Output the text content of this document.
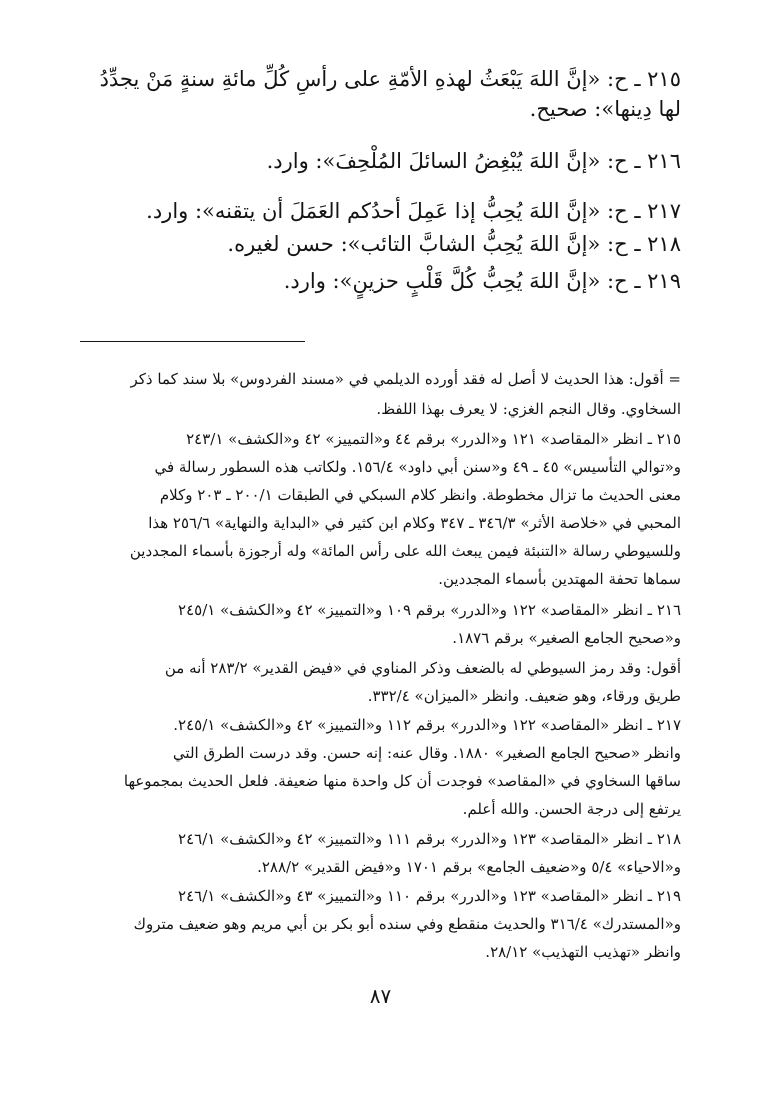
٢١٥ ـ ح: «إنَّ اللهَ يَبْعَثُ لهذهِ الأمّةِ على رأسِ كُلِّ مائةِ سنةٍ مَنْ يجدِّدُ لها دِينها»: صحيح.

٢١٦ ـ ح: «إنَّ اللهَ يُبْغِضُ السائلَ المُلْحِفَ»: وارد.

٢١٧ ـ ح: «إنَّ اللهَ يُحِبُّ إذا عَمِلَ أحدُكم العَمَلَ أن يتقنه»: وارد.

٢١٨ ـ ح: «إنَّ اللهَ يُحِبُّ الشابَّ التائب»: حسن لغيره.

٢١٩ ـ ح: «إنَّ اللهَ يُحِبُّ كُلَّ قَلْبٍ حزينٍ»: وارد.

= أقول: هذا الحديث لا أصل له فقد أورده الديلمي في «مسند الفردوس» بلا سند كما ذكر
السخاوي. وقال النجم الغزي: لا يعرف بهذا اللفظ.
٢١٥ ـ انظر «المقاصد» ١٢١ و«الدرر» برقم ٤٤ و«التمييز» ٤٢ و«الكشف» ٢٤٣/١
و«توالي التأسيس» ٤٥ ـ ٤٩ و«سنن أبي داود» ١٥٦/٤. ولكاتب هذه السطور رسالة في
معنى الحديث ما تزال مخطوطة. وانظر كلام السبكي في الطبقات ٢٠٠/١ ـ ٢٠٣ وكلام
المحبي في «خلاصة الأثر» ٣٤٦/٣ ـ ٣٤٧ وكلام ابن كثير في «البداية والنهاية» ٢٥٦/٦ هذا
وللسيوطي رسالة «التنبئة فيمن يبعث الله على رأس المائة» وله أرجوزة بأسماء المجددين
سماها تحفة المهتدين بأسماء المجددين.
٢١٦ ـ انظر «المقاصد» ١٢٢ و«الدرر» برقم ١٠٩ و«التمييز» ٤٢ و«الكشف» ٢٤٥/١
و«صحيح الجامع الصغير» برقم ١٨٧٦.
أقول: وقد رمز السيوطي له بالضعف وذكر المناوي في «فيض القدير» ٢٨٣/٢ أنه من
طريق ورقاء، وهو ضعيف. وانظر «الميزان» ٣٣٢/٤.
٢١٧ ـ انظر «المقاصد» ١٢٢ و«الدرر» برقم ١١٢ و«التمييز» ٤٢ و«الكشف» ٢٤٥/١.
وانظر «صحيح الجامع الصغير» ١٨٨٠. وقال عنه: إنه حسن. وقد درست الطرق التي
ساقها السخاوي في «المقاصد» فوجدت أن كل واحدة منها ضعيفة. فلعل الحديث بمجموعها
يرتفع إلى درجة الحسن. والله أعلم.
٢١٨ ـ انظر «المقاصد» ١٢٣ و«الدرر» برقم ١١١ و«التمييز» ٤٢ و«الكشف» ٢٤٦/١
و«الاحياء» ٥/٤ و«ضعيف الجامع» برقم ١٧٠١ و«فيض القدير» ٢٨٨/٢.
٢١٩ ـ انظر «المقاصد» ١٢٣ و«الدرر» برقم ١١٠ و«التمييز» ٤٣ و«الكشف» ٢٤٦/١
و«المستدرك» ٣١٦/٤ والحديث منقطع وفي سنده أبو بكر بن أبي مريم وهو ضعيف متروك
وانظر «تهذيب التهذيب» ٢٨/١٢.
٨٧
